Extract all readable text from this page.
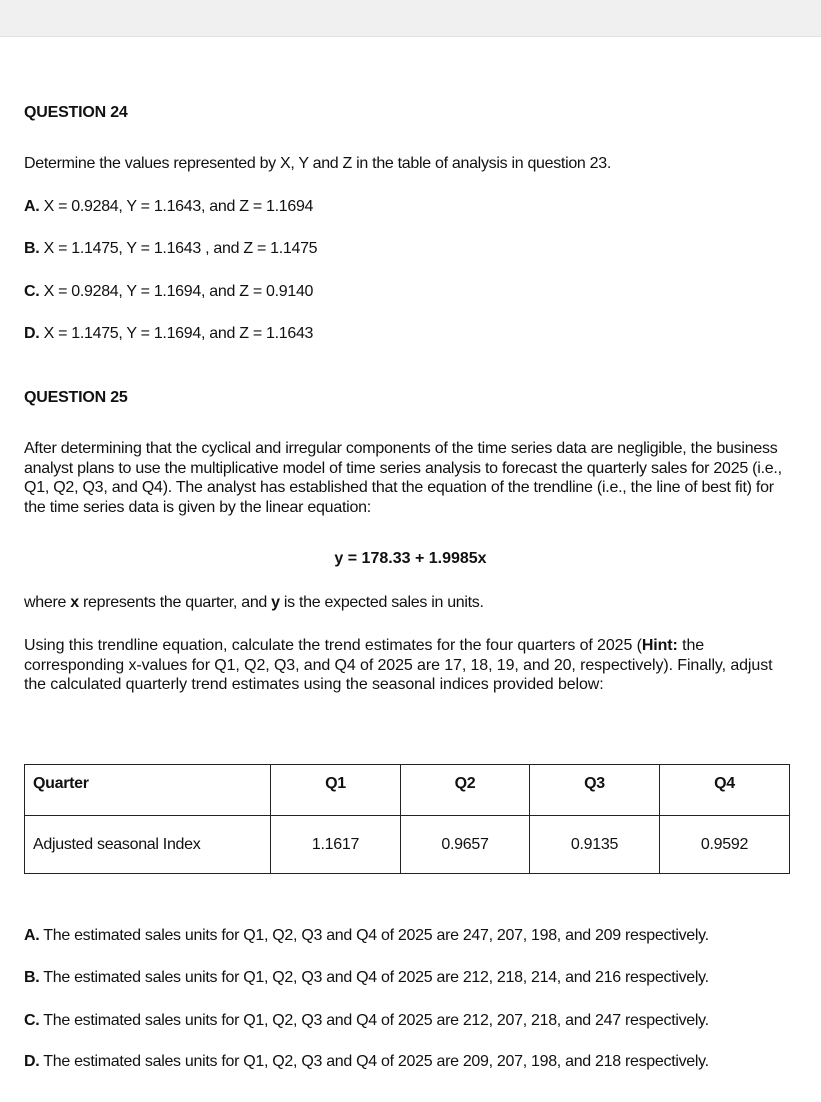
QUESTION 24
Determine the values represented by X, Y and Z in the table of analysis in question 23.
A. X = 0.9284, Y = 1.1643, and Z = 1.1694
B. X = 1.1475, Y = 1.1643 , and Z = 1.1475
C. X = 0.9284, Y = 1.1694, and Z = 0.9140
D. X = 1.1475, Y = 1.1694, and Z = 1.1643
QUESTION 25
After determining that the cyclical and irregular components of the time series data are negligible, the business analyst plans to use the multiplicative model of time series analysis to forecast the quarterly sales for 2025 (i.e., Q1, Q2, Q3, and Q4). The analyst has established that the equation of the trendline (i.e., the line of best fit) for the time series data is given by the linear equation:
y = 178.33 + 1.9985x
where x represents the quarter, and y is the expected sales in units.
Using this trendline equation, calculate the trend estimates for the four quarters of 2025 (Hint: the corresponding x-values for Q1, Q2, Q3, and Q4 of 2025 are 17, 18, 19, and 20, respectively). Finally, adjust the calculated quarterly trend estimates using the seasonal indices provided below:
Quarter	Q1	Q2	Q3	Q4
Adjusted seasonal Index	1.1617	0.9657	0.9135	0.9592
A. The estimated sales units for Q1, Q2, Q3 and Q4 of 2025 are 247, 207, 198, and 209 respectively.
B. The estimated sales units for Q1, Q2, Q3 and Q4 of 2025 are 212, 218, 214, and 216 respectively.
C. The estimated sales units for Q1, Q2, Q3 and Q4 of 2025 are 212, 207, 218, and 247 respectively.
D. The estimated sales units for Q1, Q2, Q3 and Q4 of 2025 are 209, 207, 198, and 218 respectively.
